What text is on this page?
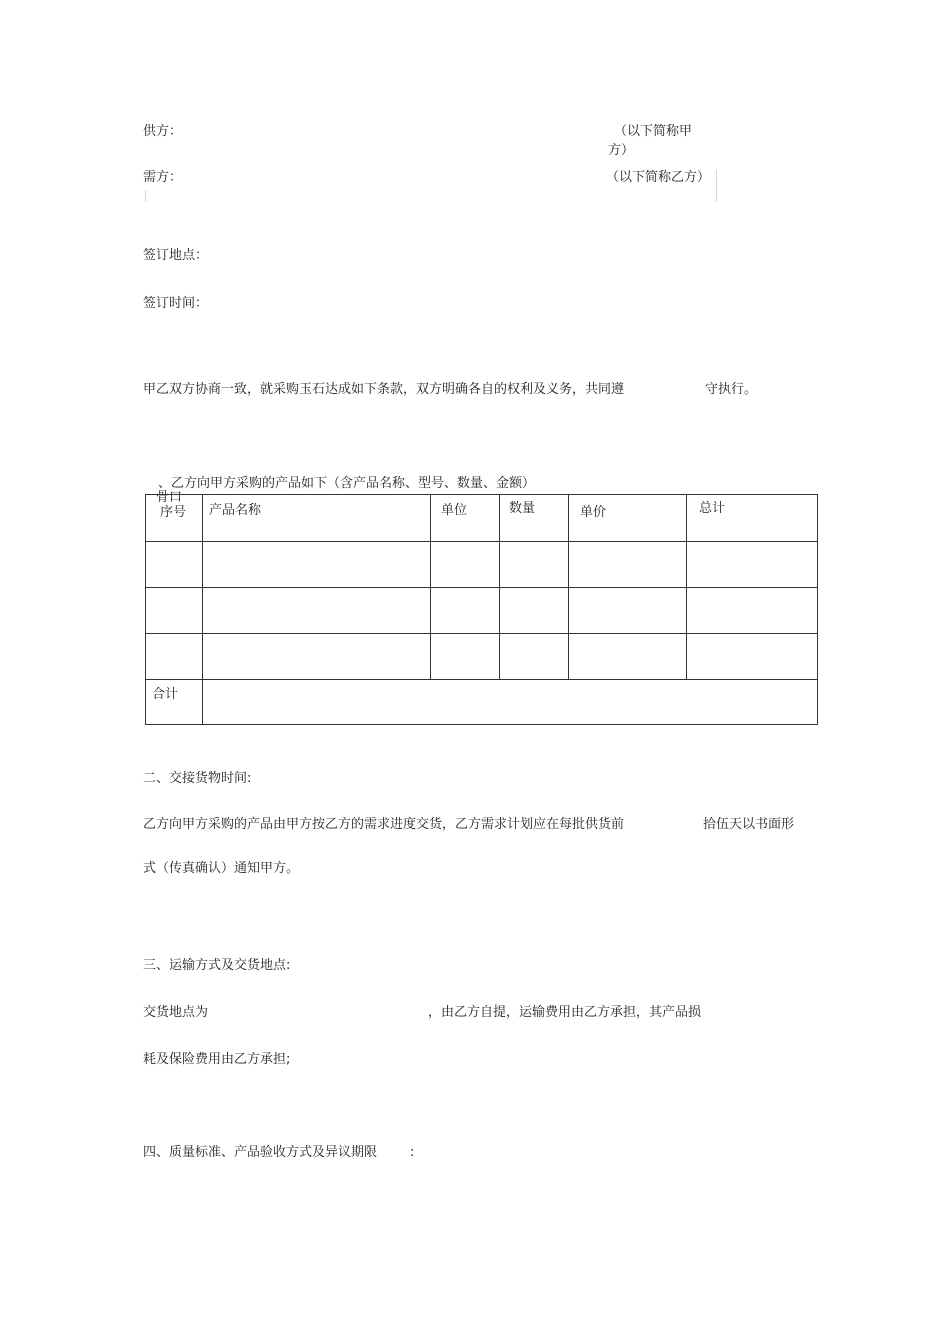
供方：	（以下简称甲
方）
需方：	（以下简称乙方）
签订地点：
签订时间：
甲乙双方协商一致，就采购玉石达成如下条款，双方明确各自的权利及义务，共同遵	守执行。
、乙方向甲方采购的产品如下（含产品名称、型号、数量、金额）
骨口
序号	产品名称	单位	数量	单价	总计

合计					

二、交接货物时间:
乙方向甲方采购的产品由甲方按乙方的需求进度交货，乙方需求计划应在每批供货前	拾伍天以书面形
式（传真确认）通知甲方。
三、运输方式及交货地点:
交货地点为	，由乙方自提，运输费用由乙方承担，其产品损
耗及保险费用由乙方承担;
四、质量标准、产品验收方式及异议期限	:
